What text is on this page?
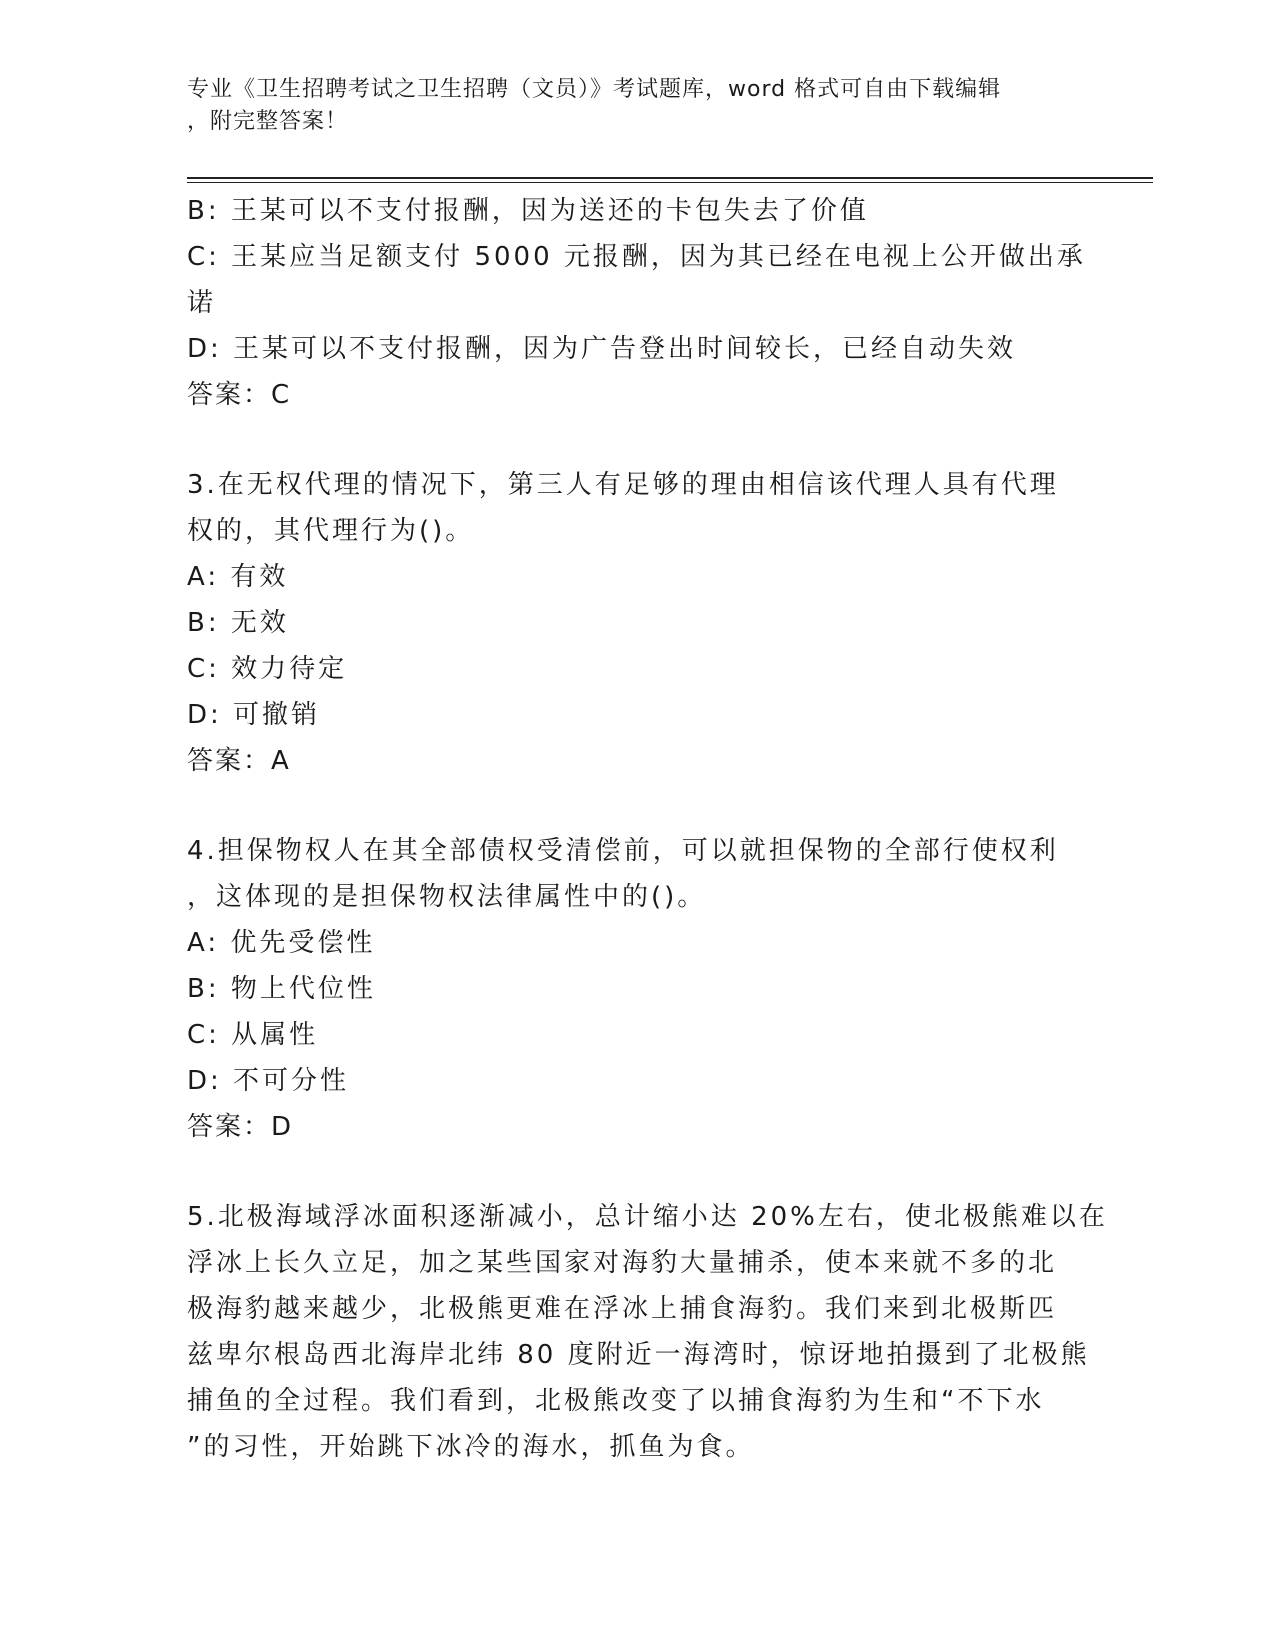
专业《卫生招聘考试之卫生招聘（文员）》考试题库，word 格式可自由下载编辑
，附完整答案！
B: 王某可以不支付报酬，因为送还的卡包失去了价值
C: 王某应当足额支付 5000 元报酬，因为其已经在电视上公开做出承
诺
D: 王某可以不支付报酬，因为广告登出时间较长，已经自动失效
答案：C
3.在无权代理的情况下，第三人有足够的理由相信该代理人具有代理
权的，其代理行为()。
A: 有效
B: 无效
C: 效力待定
D: 可撤销
答案：A
4.担保物权人在其全部债权受清偿前，可以就担保物的全部行使权利
，这体现的是担保物权法律属性中的()。
A: 优先受偿性
B: 物上代位性
C: 从属性
D: 不可分性
答案：D
5.北极海域浮冰面积逐渐减小，总计缩小达 20%左右，使北极熊难以在
浮冰上长久立足，加之某些国家对海豹大量捕杀，使本来就不多的北
极海豹越来越少，北极熊更难在浮冰上捕食海豹。我们来到北极斯匹
兹卑尔根岛西北海岸北纬 80 度附近一海湾时，惊讶地拍摄到了北极熊
捕鱼的全过程。我们看到，北极熊改变了以捕食海豹为生和“不下水
”的习性，开始跳下冰冷的海水，抓鱼为食。
